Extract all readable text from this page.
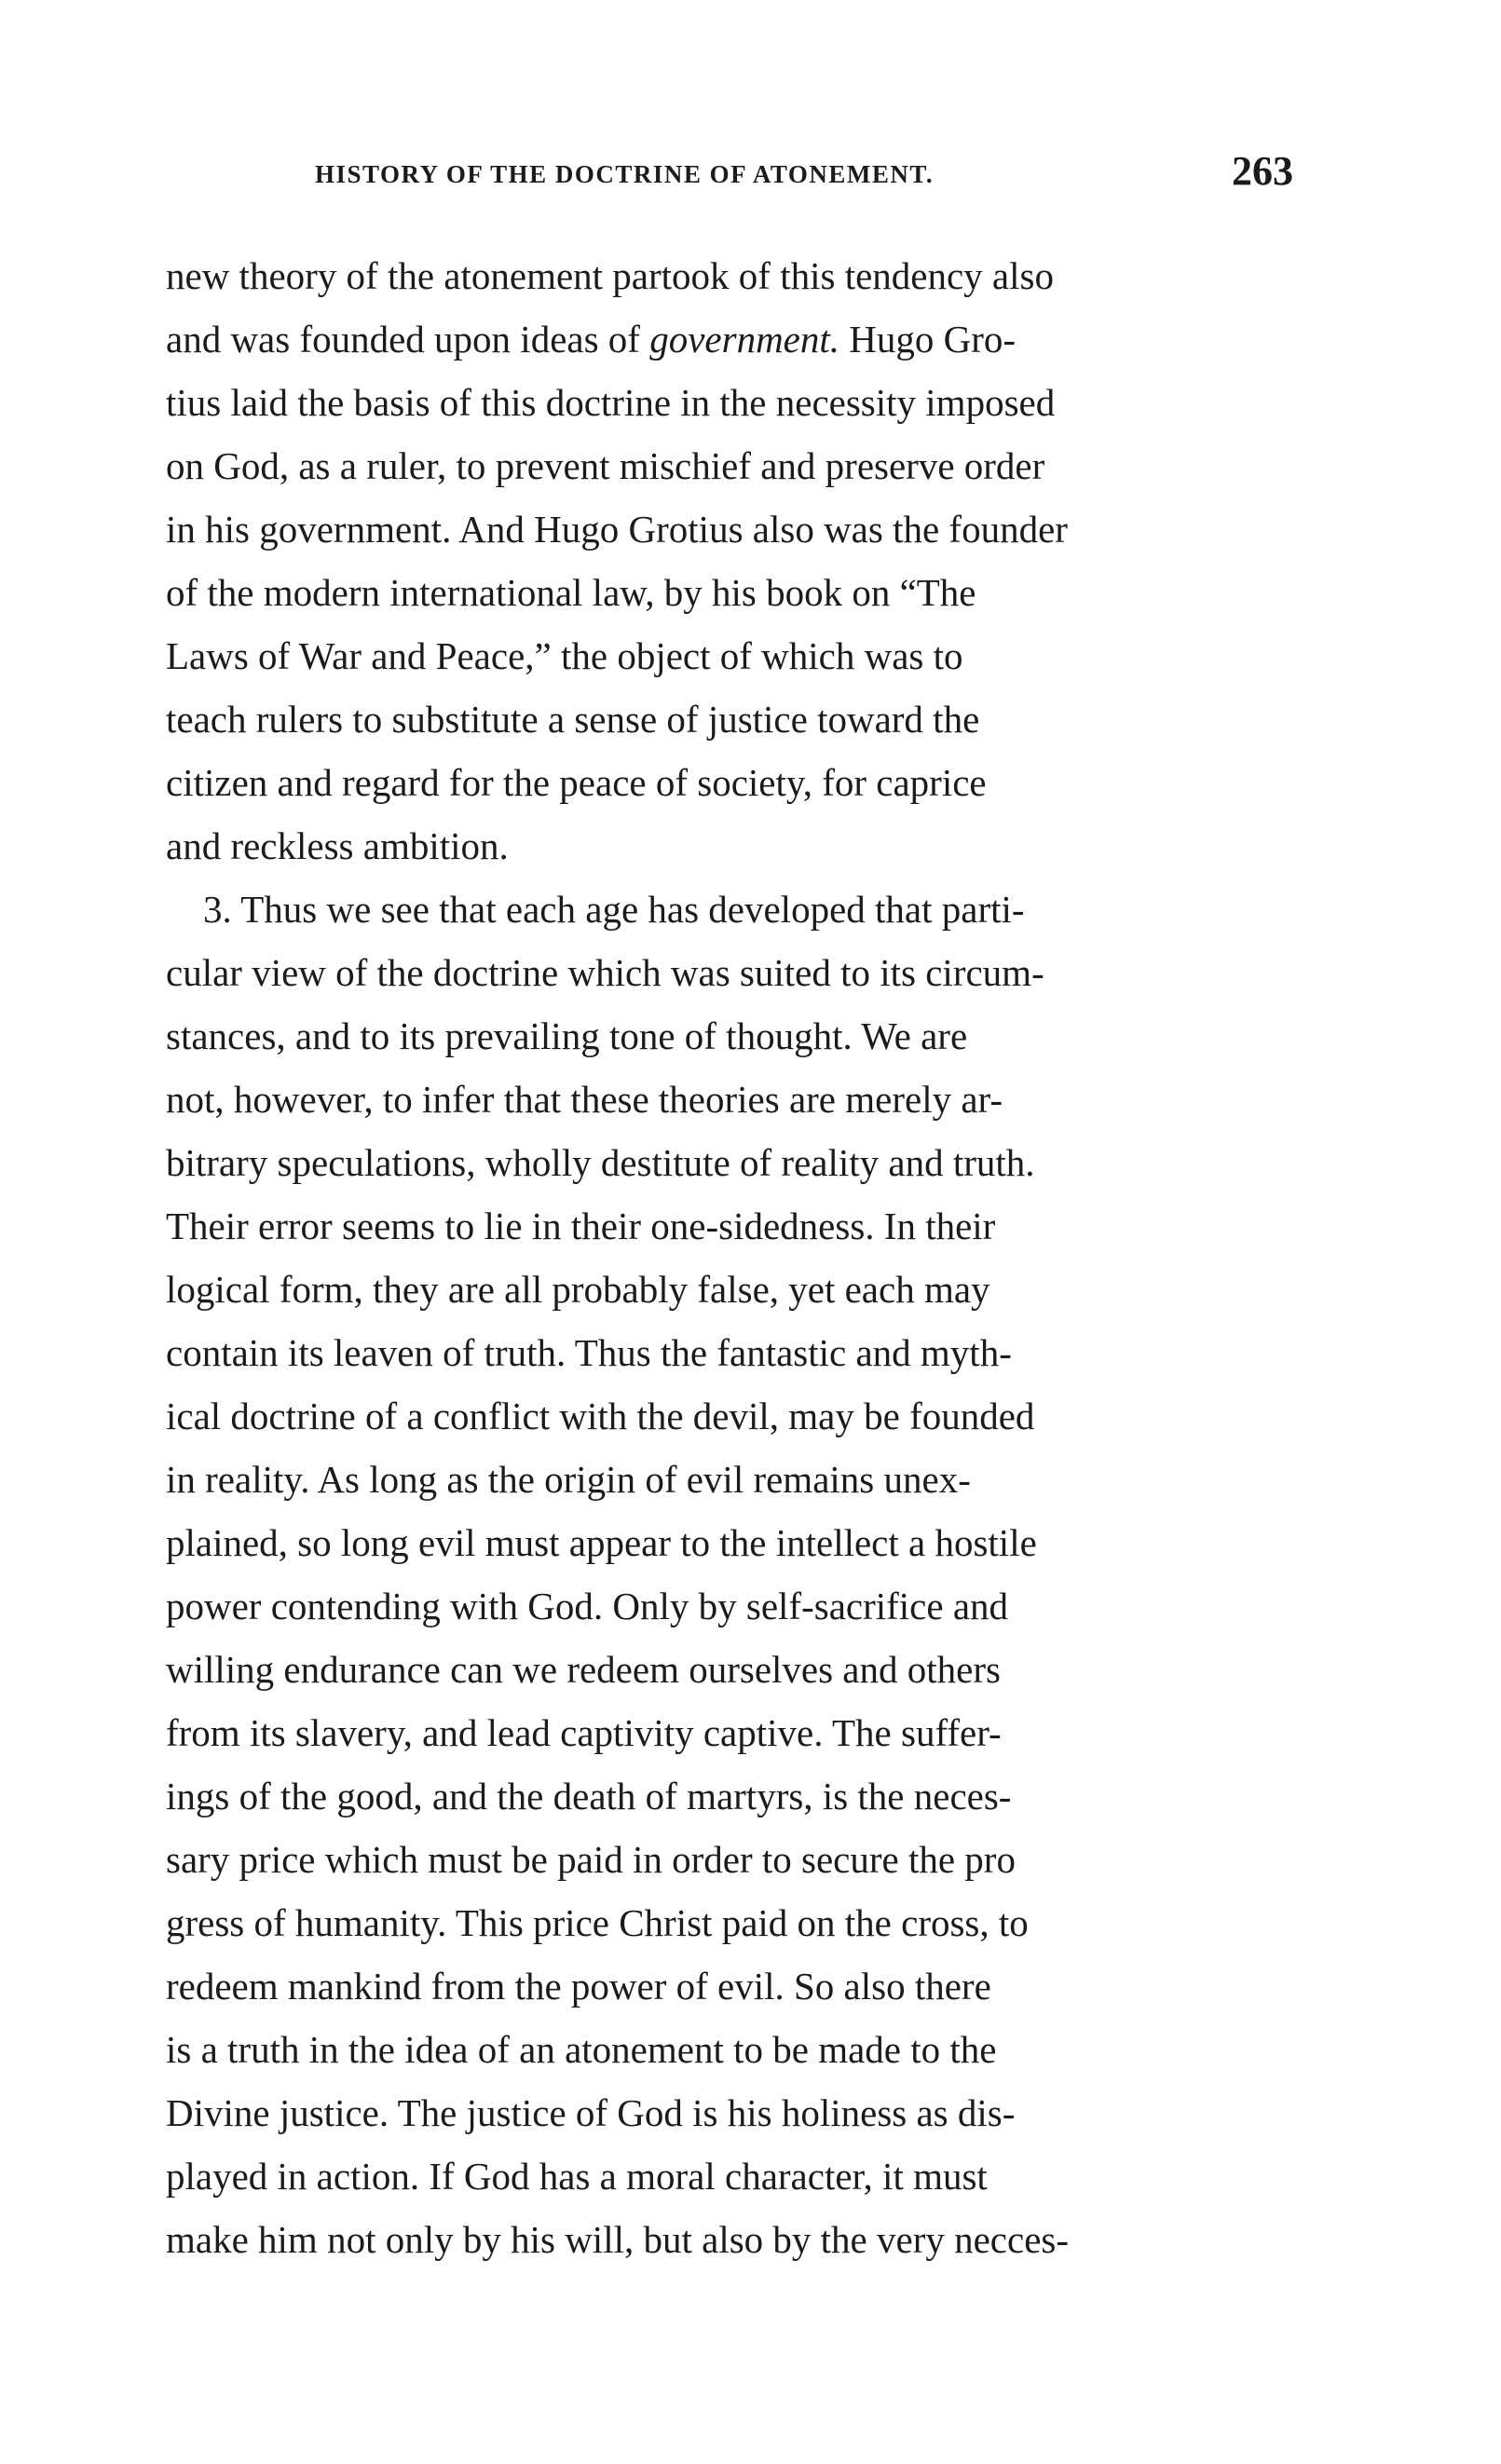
HISTORY OF THE DOCTRINE OF ATONEMENT.	263
new theory of the atonement partook of this tendency also
and was founded upon ideas of government. Hugo Gro-
tius laid the basis of this doctrine in the necessity imposed
on God, as a ruler, to prevent mischief and preserve order
in his government. And Hugo Grotius also was the founder
of the modern international law, by his book on “The
Laws of War and Peace,” the object of which was to
teach rulers to substitute a sense of justice toward the
citizen and regard for the peace of society, for caprice
and reckless ambition.
3. Thus we see that each age has developed that parti-
cular view of the doctrine which was suited to its circum-
stances, and to its prevailing tone of thought. We are
not, however, to infer that these theories are merely ar-
bitrary speculations, wholly destitute of reality and truth.
Their error seems to lie in their one-sidedness. In their
logical form, they are all probably false, yet each may
contain its leaven of truth. Thus the fantastic and myth-
ical doctrine of a conflict with the devil, may be founded
in reality. As long as the origin of evil remains unex-
plained, so long evil must appear to the intellect a hostile
power contending with God. Only by self-sacrifice and
willing endurance can we redeem ourselves and others
from its slavery, and lead captivity captive. The suffer-
ings of the good, and the death of martyrs, is the neces-
sary price which must be paid in order to secure the pro
gress of humanity. This price Christ paid on the cross, to
redeem mankind from the power of evil. So also there
is a truth in the idea of an atonement to be made to the
Divine justice. The justice of God is his holiness as dis-
played in action. If God has a moral character, it must
make him not only by his will, but also by the very necces-
